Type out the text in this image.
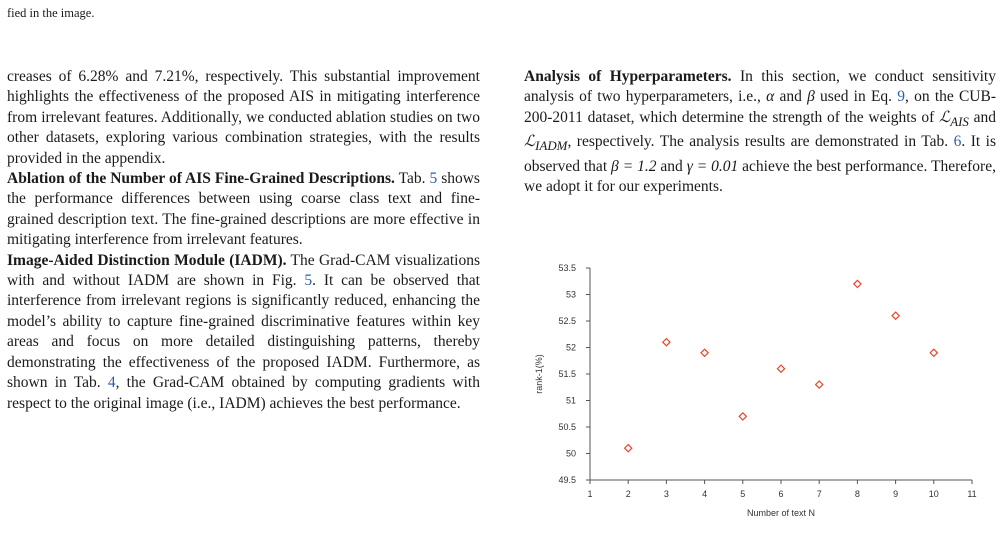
fied in the image.

creases of 6.28% and 7.21%, respectively. This substantial improvement highlights the effectiveness of the proposed AIS in mitigating interference from irrelevant features. Additionally, we conducted ablation studies on two other datasets, exploring various combination strategies, with the results provided in the appendix.

Ablation of the Number of AIS Fine-Grained Descriptions. Tab. 5 shows the performance differences between using coarse class text and fine-grained description text. The fine-grained descriptions are more effective in mitigating interference from irrelevant features.

Image-Aided Distinction Module (IADM). The Grad-CAM visualizations with and without IADM are shown in Fig. 5. It can be observed that interference from irrelevant regions is significantly reduced, enhancing the model’s ability to capture fine-grained discriminative features within key areas and focus on more detailed distinguishing patterns, thereby demonstrating the effectiveness of the proposed IADM. Furthermore, as shown in Tab. 4, the Grad-CAM obtained by computing gradients with respect to the original image (i.e., IADM) achieves the best performance.

Analysis of Hyperparameters. In this section, we conduct sensitivity analysis of two hyperparameters, i.e., α and β used in Eq. 9, on the CUB-200-2011 dataset, which determine the strength of the weights of ℒ$_{AIS}$ and ℒ$_{IADM}$, respectively. The analysis results are demonstrated in Tab. 6. It is observed that β = 1.2 and γ = 0.01 achieve the best performance. Therefore, we adopt it for our experiments.

1	2	3	4	5	6	7	8	9	10	11
49.5
50
50.5
51
51.5
52
52.5
53
53.5
Number of text N
rank-1(%)
